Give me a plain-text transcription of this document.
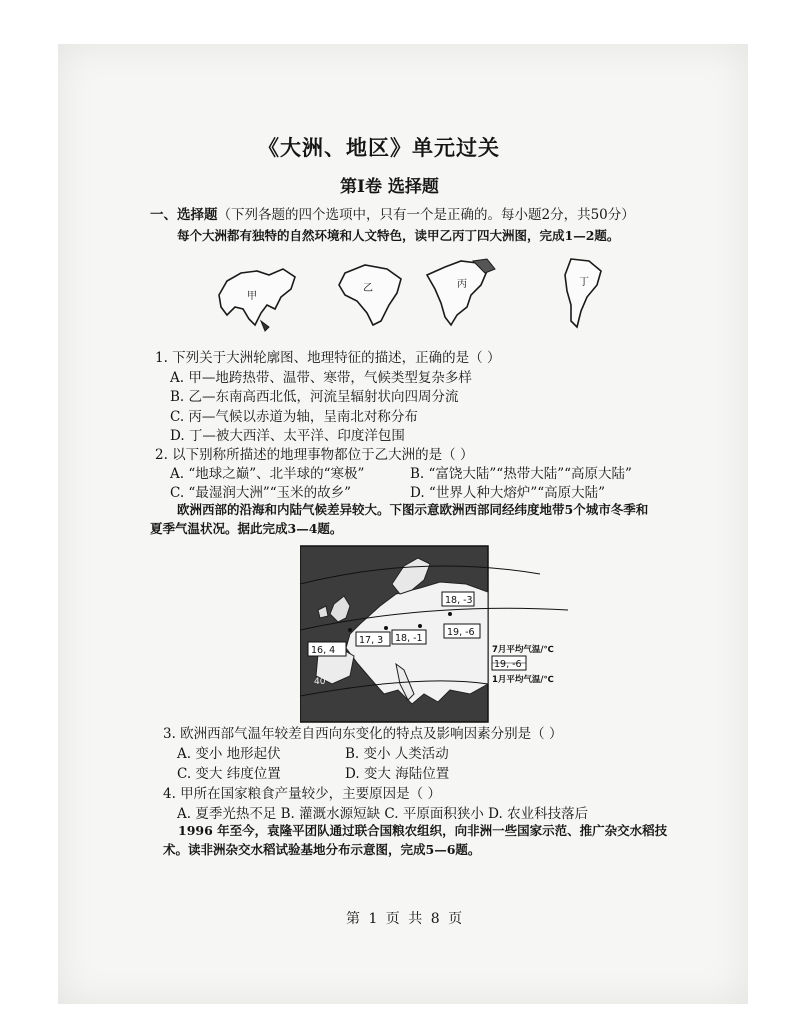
《大洲、地区》单元过关
第Ⅰ卷 选择题
一、选择题（下列各题的四个选项中，只有一个是正确的。每小题2分，共50分）
每个大洲都有独特的自然环境和人文特色，读甲乙丙丁四大洲图，完成1—2题。
甲
乙	丙	丁
1. 下列关于大洲轮廓图、地理特征的描述，正确的是（ ）
A. 甲—地跨热带、温带、寒带，气候类型复杂多样
B. 乙—东南高西北低，河流呈辐射状向四周分流
C. 丙—气候以赤道为轴，呈南北对称分布
D. 丁—被大西洋、太平洋、印度洋包围
2. 以下别称所描述的地理事物都位于乙大洲的是（ ）
A. “地球之巅”、北半球的“寒极”	B. “富饶大陆”“热带大陆”“高原大陆”
C. “最湿润大洲”“玉米的故乡”	D. “世界人种大熔炉”“高原大陆”
欧洲西部的沿海和内陆气候差异较大。下图示意欧洲西部同经纬度地带5个城市冬季和
夏季气温状况。据此完成3—4题。
16, 4
17, 3 18, -1
18, -3
19, -6
40°
7月平均气温/℃
19, -6
1月平均气温/℃
3. 欧洲西部气温年较差自西向东变化的特点及影响因素分别是（ ）
A. 变小 地形起伏	B. 变小 人类活动
C. 变大 纬度位置	D. 变大 海陆位置
4. 甲所在国家粮食产量较少，主要原因是（ ）
A. 夏季光热不足 B. 灌溉水源短缺 C. 平原面积狭小 D. 农业科技落后
1996 年至今，袁隆平团队通过联合国粮农组织，向非洲一些国家示范、推广杂交水稻技
术。读非洲杂交水稻试验基地分布示意图，完成5—6题。
第 1 页 共 8 页
